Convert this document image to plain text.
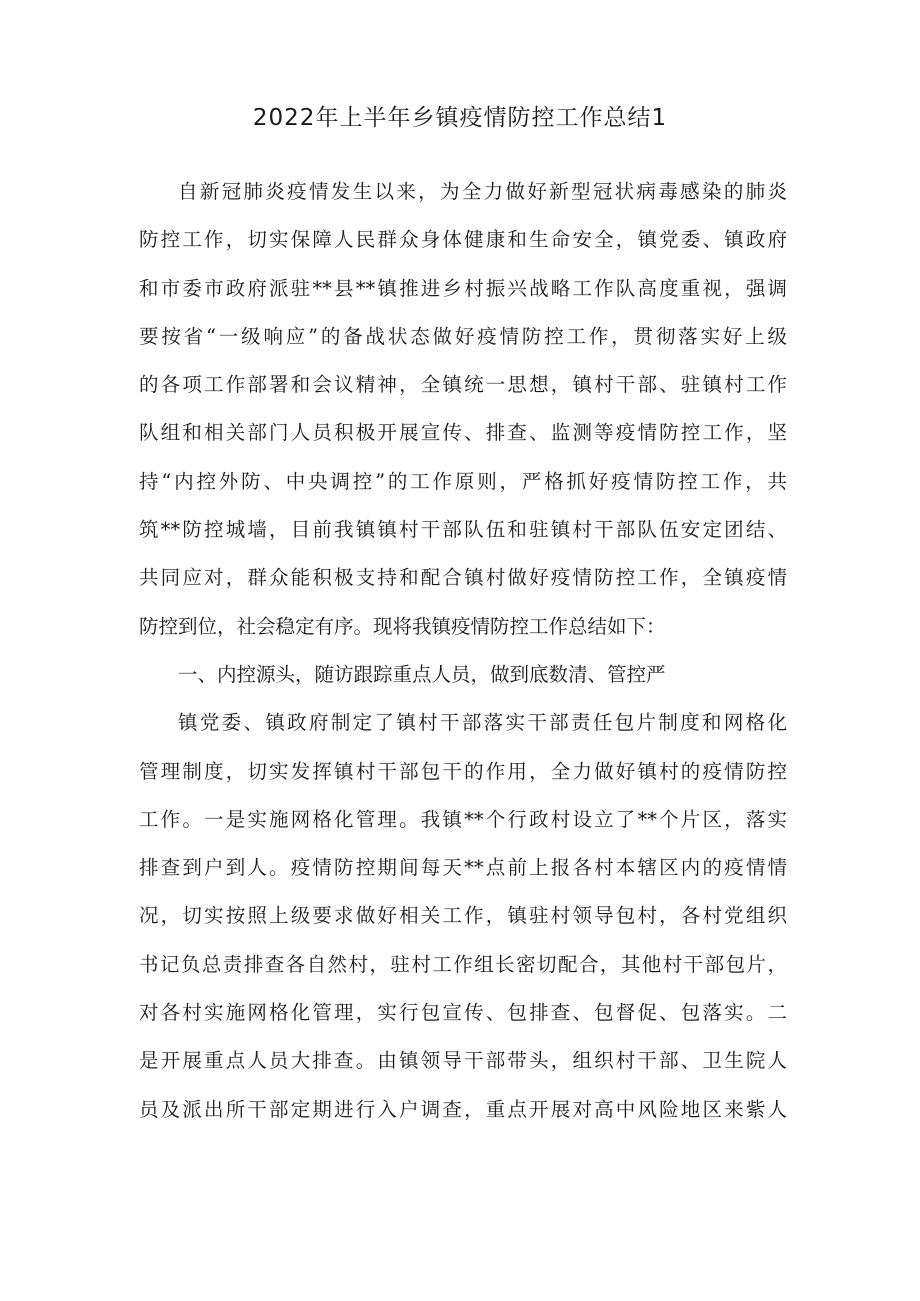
2022年上半年乡镇疫情防控工作总结1
自新冠肺炎疫情发生以来，为全力做好新型冠状病毒感染的肺炎
防控工作，切实保障人民群众身体健康和生命安全，镇党委、镇政府
和市委市政府派驻**县**镇推进乡村振兴战略工作队高度重视，强调
要按省“一级响应”的备战状态做好疫情防控工作，贯彻落实好上级
的各项工作部署和会议精神，全镇统一思想，镇村干部、驻镇村工作
队组和相关部门人员积极开展宣传、排查、监测等疫情防控工作，坚
持“内控外防、中央调控”的工作原则，严格抓好疫情防控工作，共
筑**防控城墙，目前我镇镇村干部队伍和驻镇村干部队伍安定团结、
共同应对，群众能积极支持和配合镇村做好疫情防控工作，全镇疫情
防控到位，社会稳定有序。现将我镇疫情防控工作总结如下：
一、内控源头，随访跟踪重点人员，做到底数清、管控严
镇党委、镇政府制定了镇村干部落实干部责任包片制度和网格化
管理制度，切实发挥镇村干部包干的作用，全力做好镇村的疫情防控
工作。一是实施网格化管理。我镇**个行政村设立了**个片区，落实
排查到户到人。疫情防控期间每天**点前上报各村本辖区内的疫情情
况，切实按照上级要求做好相关工作，镇驻村领导包村，各村党组织
书记负总责排查各自然村，驻村工作组长密切配合，其他村干部包片，
对各村实施网格化管理，实行包宣传、包排查、包督促、包落实。二
是开展重点人员大排查。由镇领导干部带头，组织村干部、卫生院人
员及派出所干部定期进行入户调查，重点开展对高中风险地区来紫人
